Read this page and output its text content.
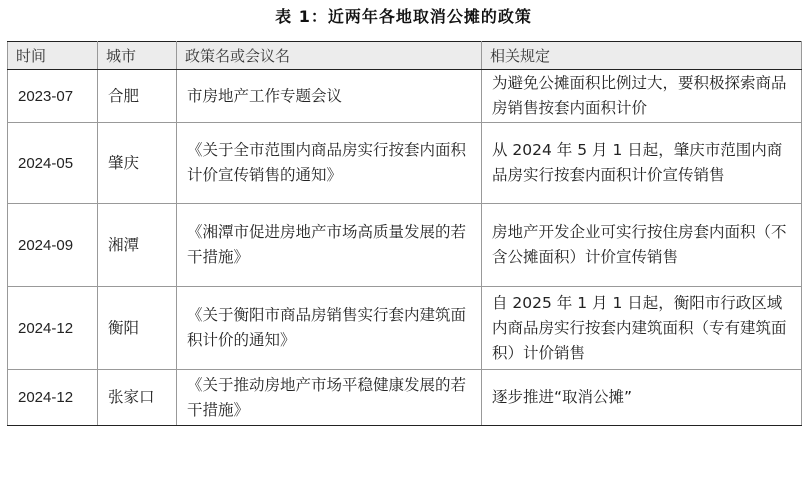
表 1：近两年各地取消公摊的政策
时间	城市	政策名或会议名	相关规定
2023-07	合肥	市房地产工作专题会议	为避免公摊面积比例过大，要积极探索商品房销售按套内面积计价
2024-05	肇庆	《关于全市范围内商品房实行按套内面积计价宣传销售的通知》	从 2024 年 5 月 1 日起，肇庆市范围内商品房实行按套内面积计价宣传销售
2024-09	湘潭	《湘潭市促进房地产市场高质量发展的若干措施》	房地产开发企业可实行按住房套内面积（不含公摊面积）计价宣传销售
2024-12	衡阳	《关于衡阳市商品房销售实行套内建筑面积计价的通知》	自 2025 年 1 月 1 日起，衡阳市行政区域内商品房实行按套内建筑面积（专有建筑面积）计价销售
2024-12	张家口	《关于推动房地产市场平稳健康发展的若干措施》	逐步推进“取消公摊”
